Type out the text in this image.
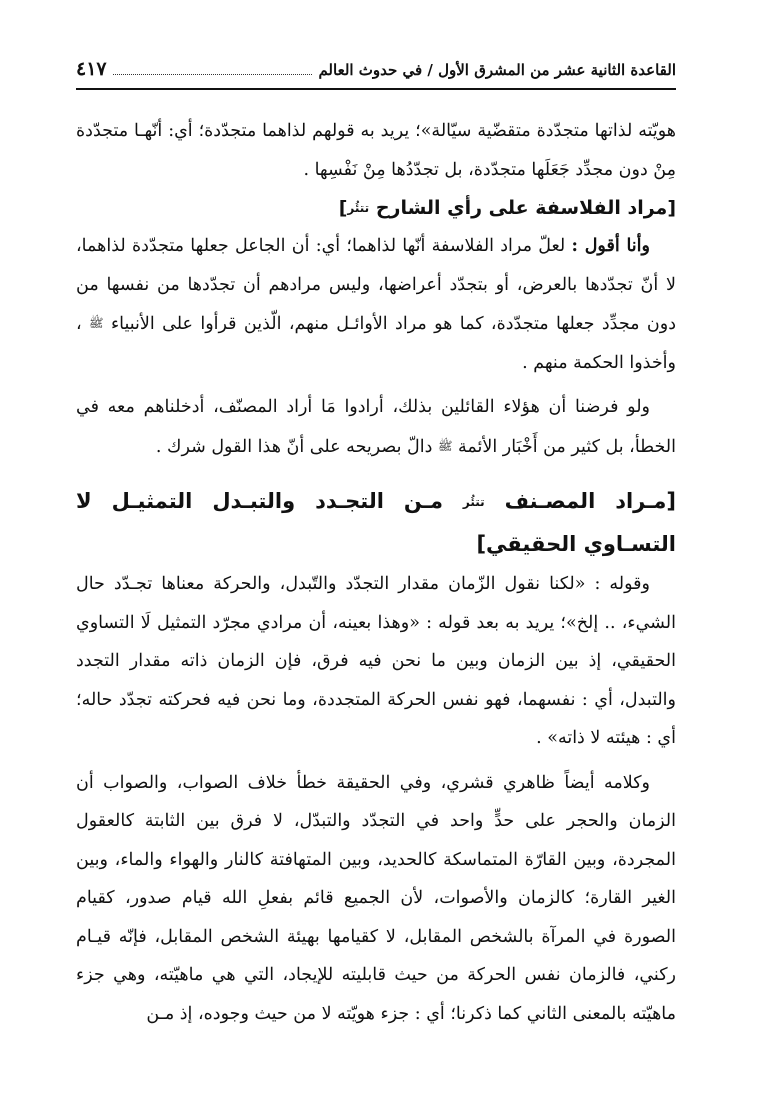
القاعدة الثانية عشر من المشرق الأول / في حدوث العالم
٤١٧

هويّته لذاتها متجدّدة متقضّية سيّالة»؛ يريد به قولهم لذاهما متجدّدة؛ أي: أنّهـا متجدّدة مِنْ دون مجدِّد جَعَلَها متجدّدة، بل تجدّدُها مِنْ نَفْسِها .

[مراد الفلاسفة على رأي الشارح تتئُر]

وأنا أقول : لعلّ مراد الفلاسفة أنّها لذاهما؛ أي: أن الجاعل جعلها متجدّدة لذاهما، لا أنّ تجدّدها بالعرض، أو بتجدّد أعراضها، وليس مرادهم أن تجدّدها من نفسها من دون مجدِّد جعلها متجدّدة، كما هو مراد الأوائـل منهم، الّذين قرأوا على الأنبياء ﷺ ، وأخذوا الحكمة منهم .

ولو فرضنا أن هؤلاء القائلين بذلك، أرادوا مَا أراد المصنّف، أدخلناهم معه في الخطأ، بل كثير من أَخْبَار الأئمة ﷺ دالّ بصريحه على أنّ هذا القول شرك .

[مـراد المصـنف تتئُر مـن التجـدد والتبـدل التمثيـل لا التسـاوي الحقيقي]

وقوله : «لكنا نقول الزّمان مقدار التجدّد والتّبدل، والحركة معناها تجـدّد حال الشيء، .. إلخ»؛ يريد به بعد قوله : «وهذا بعينه، أن مرادي مجرّد التمثيل لَا التساوي الحقيقي، إذ بين الزمان وبين ما نحن فيه فرق، فإن الزمان ذاته مقدار التجدد والتبدل، أي : نفسهما، فهو نفس الحركة المتجددة، وما نحن فيه فحركته تجدّد حاله؛ أي : هيئته لا ذاته» .

وكلامه أيضاً ظاهري قشري، وفي الحقيقة خطأ خلاف الصواب، والصواب أن الزمان والحجر على حدٍّ واحد في التجدّد والتبدّل، لا فرق بين الثابتة كالعقول المجردة، وبين القارّة المتماسكة كالحديد، وبين المتهافتة كالنار والهواء والماء، وبين الغير القارة؛ كالزمان والأصوات، لأن الجميع قائم بفعلِ الله قيام صدور، كقيام الصورة في المرآة بالشخص المقابل، لا كقيامها بهيئة الشخص المقابل، فإنّه قيـام ركني، فالزمان نفس الحركة من حيث قابليته للإيجاد، التي هي ماهيّته، وهي جزء ماهيّته بالمعنى الثاني كما ذكرنا؛ أي : جزء هويّته لا من حيث وجوده، إذ مـن
